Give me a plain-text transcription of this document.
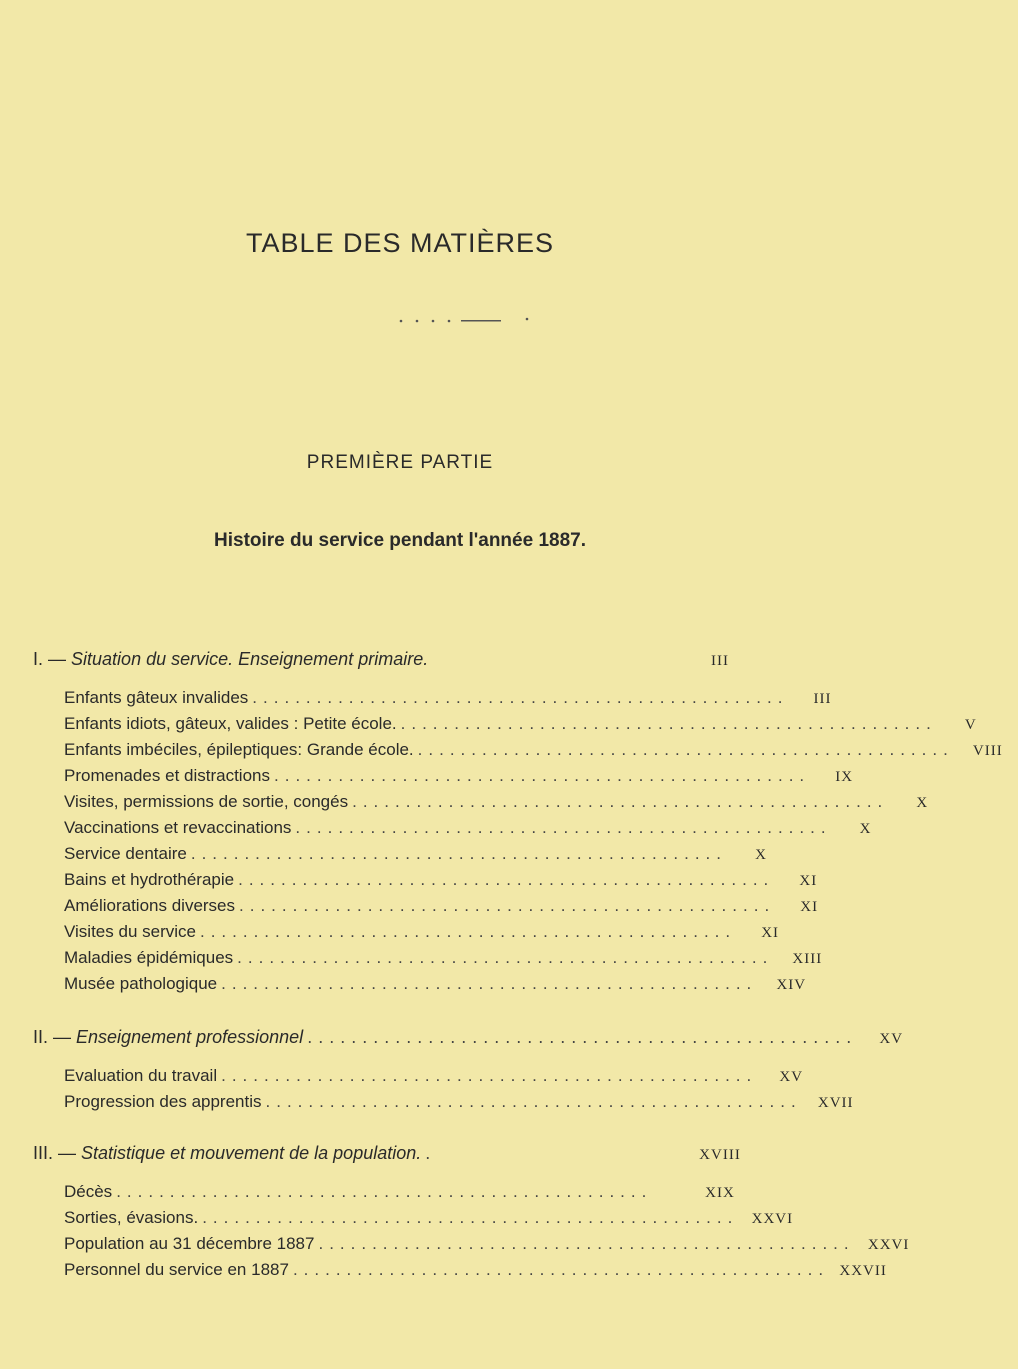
TABLE DES MATIÈRES
PREMIÈRE PARTIE
Histoire du service pendant l'année 1887.
I. — Situation du service. Enseignement primaire.	III
Enfants gâteux invalides ..................................................	III
Enfants idiots, gâteux, valides : Petite école. ..................................................	V
Enfants imbéciles, épileptiques: Grande école. ..................................................	VIII
Promenades et distractions ..................................................	IX
Visites, permissions de sortie, congés ..................................................	X
Vaccinations et revaccinations ..................................................	X
Service dentaire ..................................................	X
Bains et hydrothérapie ..................................................	XI
Améliorations diverses ..................................................	XI
Visites du service ..................................................	XI
Maladies épidémiques ..................................................	XIII
Musée pathologique ..................................................	XIV
II. — Enseignement professionnel ..................................................	XV
Evaluation du travail ..................................................	XV
Progression des apprentis ..................................................	XVII
III. — Statistique et mouvement de la population. .	XVIII
Décès ..................................................	XIX
Sorties, évasions. .................................................. XXVI
Population au 31 décembre 1887 .................................................. XXVI
Personnel du service en 1887 .................................................. XXVII
